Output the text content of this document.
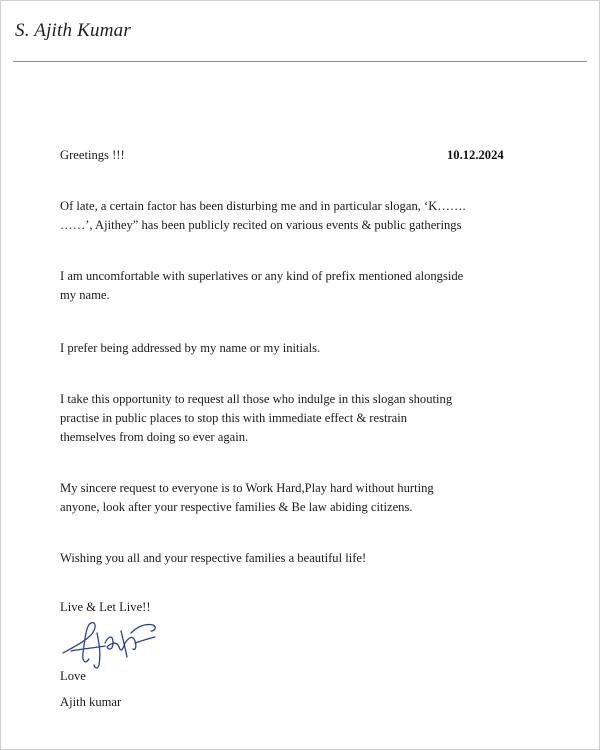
S. Ajith Kumar
Greetings !!!	10.12.2024
Of late, a certain factor has been disturbing me and in particular slogan, ‘K…….
……’, Ajithey” has been publicly recited on various events & public gatherings
I am uncomfortable with superlatives or any kind of prefix mentioned alongside
my name.
I prefer being addressed by my name or my initials.
I take this opportunity to request all those who indulge in this slogan shouting
practise in public places to stop this with immediate effect & restrain
themselves from doing so ever again.
My sincere request to everyone is to Work Hard,Play hard without hurting
anyone, look after your respective families & Be law abiding citizens.
Wishing you all and your respective families a beautiful life!
Live & Let Live!!
Love
Ajith kumar
